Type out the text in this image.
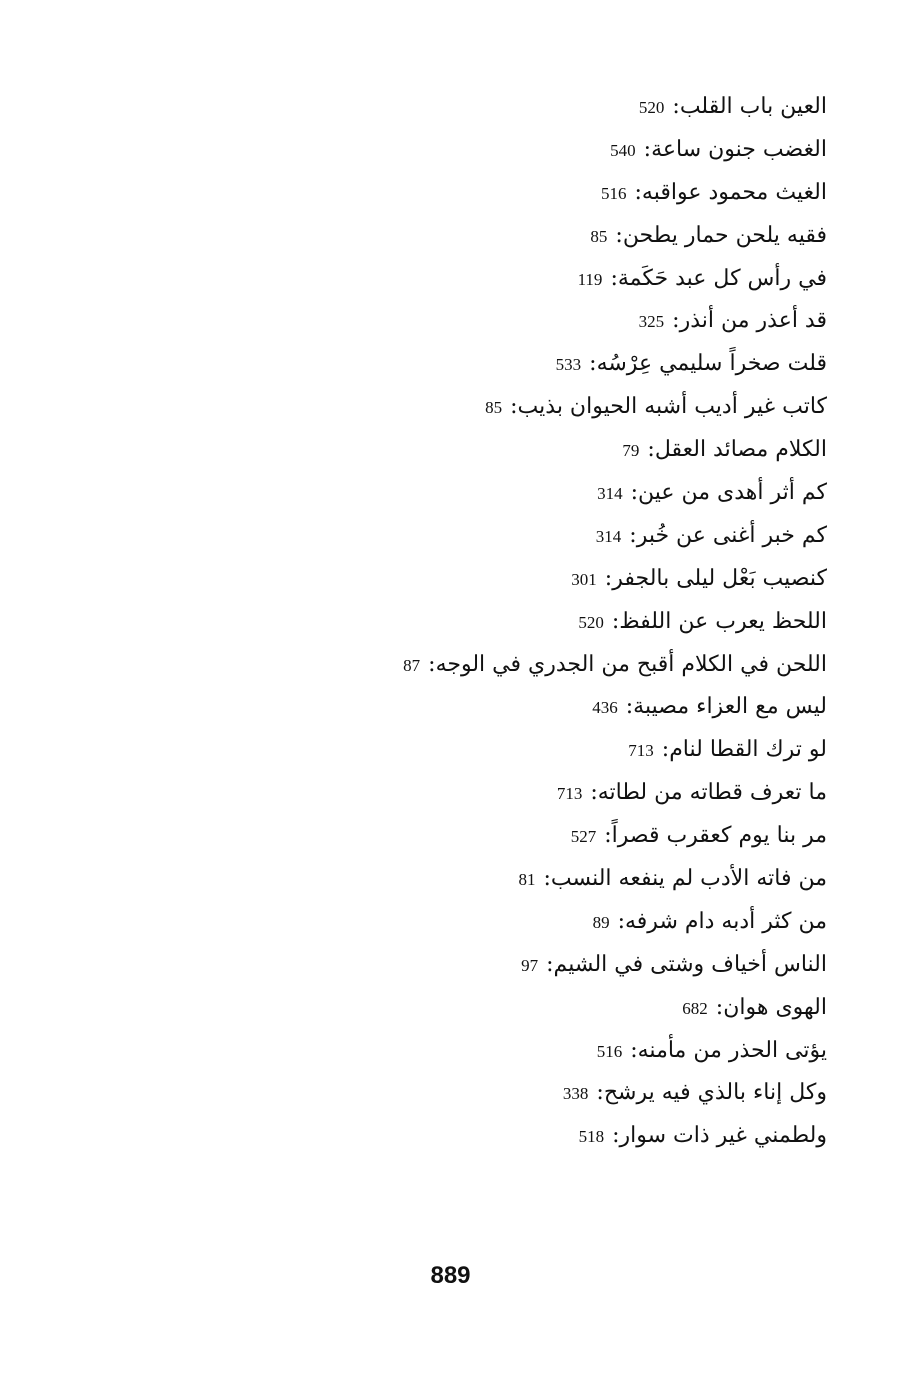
العين باب القلب:520
الغضب جنون ساعة:540
الغيث محمود عواقبه:516
فقيه يلحن حمار يطحن:85
في رأس كل عبد حَكَمة:119
قد أعذر من أنذر:325
قلت صخراً سليمي عِرْسُه:533
كاتب غير أديب أشبه الحيوان بذيب:85
الكلام مصائد العقل:79
كم أثر أهدى من عين:314
كم خبر أغنى عن خُبر:314
كنصيب بَعْل ليلى بالجفر:301
اللحظ يعرب عن اللفظ:520
اللحن في الكلام أقبح من الجدري في الوجه:87
ليس مع العزاء مصيبة:436
لو ترك القطا لنام:713
ما تعرف قطاته من لطاته:713
مر بنا يوم كعقرب قصراً:527
من فاته الأدب لم ينفعه النسب:81
من كثر أدبه دام شرفه:89
الناس أخياف وشتى في الشيم:97
الهوى هوان:682
يؤتى الحذر من مأمنه:516
وكل إناء بالذي فيه يرشح:338
ولطمني غير ذات سوار:518
889
